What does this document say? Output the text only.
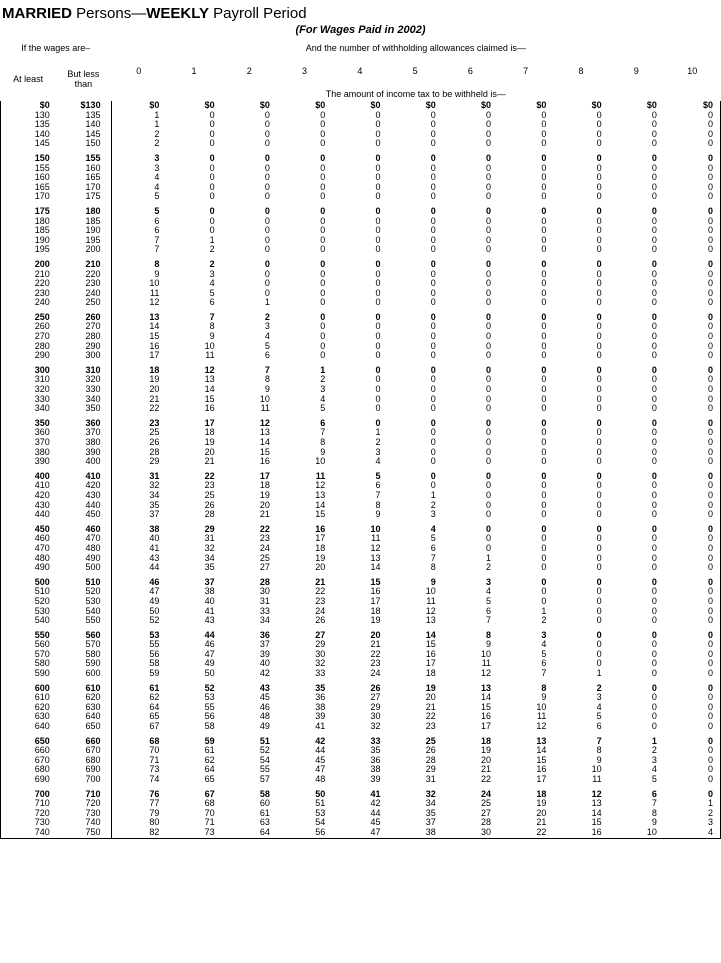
MARRIED Persons—WEEKLY Payroll Period
(For Wages Paid in 2002)
If the wages are–		And the number of withholding allowances claimed is—										
At least	But less
than	0	1	2	3	4	5	6	7	8	9	10
		The amount of income tax to be withheld is—										
$0	$130	$0	$0	$0	$0	$0	$0	$0	$0	$0	$0	$0
130	135	1	0	0	0	0	0	0	0	0	0	0
135	140	1	0	0	0	0	0	0	0	0	0	0
140	145	2	0	0	0	0	0	0	0	0	0	0
145	150	2	0	0	0	0	0	0	0	0	0	0

150	155	3	0	0	0	0	0	0	0	0	0	0
155	160	3	0	0	0	0	0	0	0	0	0	0
160	165	4	0	0	0	0	0	0	0	0	0	0
165	170	4	0	0	0	0	0	0	0	0	0	0
170	175	5	0	0	0	0	0	0	0	0	0	0

175	180	5	0	0	0	0	0	0	0	0	0	0
180	185	6	0	0	0	0	0	0	0	0	0	0
185	190	6	0	0	0	0	0	0	0	0	0	0
190	195	7	1	0	0	0	0	0	0	0	0	0
195	200	7	2	0	0	0	0	0	0	0	0	0

200	210	8	2	0	0	0	0	0	0	0	0	0
210	220	9	3	0	0	0	0	0	0	0	0	0
220	230	10	4	0	0	0	0	0	0	0	0	0
230	240	11	5	0	0	0	0	0	0	0	0	0
240	250	12	6	1	0	0	0	0	0	0	0	0

250	260	13	7	2	0	0	0	0	0	0	0	0
260	270	14	8	3	0	0	0	0	0	0	0	0
270	280	15	9	4	0	0	0	0	0	0	0	0
280	290	16	10	5	0	0	0	0	0	0	0	0
290	300	17	11	6	0	0	0	0	0	0	0	0

300	310	18	12	7	1	0	0	0	0	0	0	0
310	320	19	13	8	2	0	0	0	0	0	0	0
320	330	20	14	9	3	0	0	0	0	0	0	0
330	340	21	15	10	4	0	0	0	0	0	0	0
340	350	22	16	11	5	0	0	0	0	0	0	0

350	360	23	17	12	6	0	0	0	0	0	0	0
360	370	25	18	13	7	1	0	0	0	0	0	0
370	380	26	19	14	8	2	0	0	0	0	0	0
380	390	28	20	15	9	3	0	0	0	0	0	0
390	400	29	21	16	10	4	0	0	0	0	0	0

400	410	31	22	17	11	5	0	0	0	0	0	0
410	420	32	23	18	12	6	0	0	0	0	0	0
420	430	34	25	19	13	7	1	0	0	0	0	0
430	440	35	26	20	14	8	2	0	0	0	0	0
440	450	37	28	21	15	9	3	0	0	0	0	0

450	460	38	29	22	16	10	4	0	0	0	0	0
460	470	40	31	23	17	11	5	0	0	0	0	0
470	480	41	32	24	18	12	6	0	0	0	0	0
480	490	43	34	25	19	13	7	1	0	0	0	0
490	500	44	35	27	20	14	8	2	0	0	0	0

500	510	46	37	28	21	15	9	3	0	0	0	0
510	520	47	38	30	22	16	10	4	0	0	0	0
520	530	49	40	31	23	17	11	5	0	0	0	0
530	540	50	41	33	24	18	12	6	1	0	0	0
540	550	52	43	34	26	19	13	7	2	0	0	0

550	560	53	44	36	27	20	14	8	3	0	0	0
560	570	55	46	37	29	21	15	9	4	0	0	0
570	580	56	47	39	30	22	16	10	5	0	0	0
580	590	58	49	40	32	23	17	11	6	0	0	0
590	600	59	50	42	33	24	18	12	7	1	0	0

600	610	61	52	43	35	26	19	13	8	2	0	0
610	620	62	53	45	36	27	20	14	9	3	0	0
620	630	64	55	46	38	29	21	15	10	4	0	0
630	640	65	56	48	39	30	22	16	11	5	0	0
640	650	67	58	49	41	32	23	17	12	6	0	0

650	660	68	59	51	42	33	25	18	13	7	1	0
660	670	70	61	52	44	35	26	19	14	8	2	0
670	680	71	62	54	45	36	28	20	15	9	3	0
680	690	73	64	55	47	38	29	21	16	10	4	0
690	700	74	65	57	48	39	31	22	17	11	5	0

700	710	76	67	58	50	41	32	24	18	12	6	0
710	720	77	68	60	51	42	34	25	19	13	7	1
720	730	79	70	61	53	44	35	27	20	14	8	2
730	740	80	71	63	54	45	37	28	21	15	9	3
740	750	82	73	64	56	47	38	30	22	16	10	4
